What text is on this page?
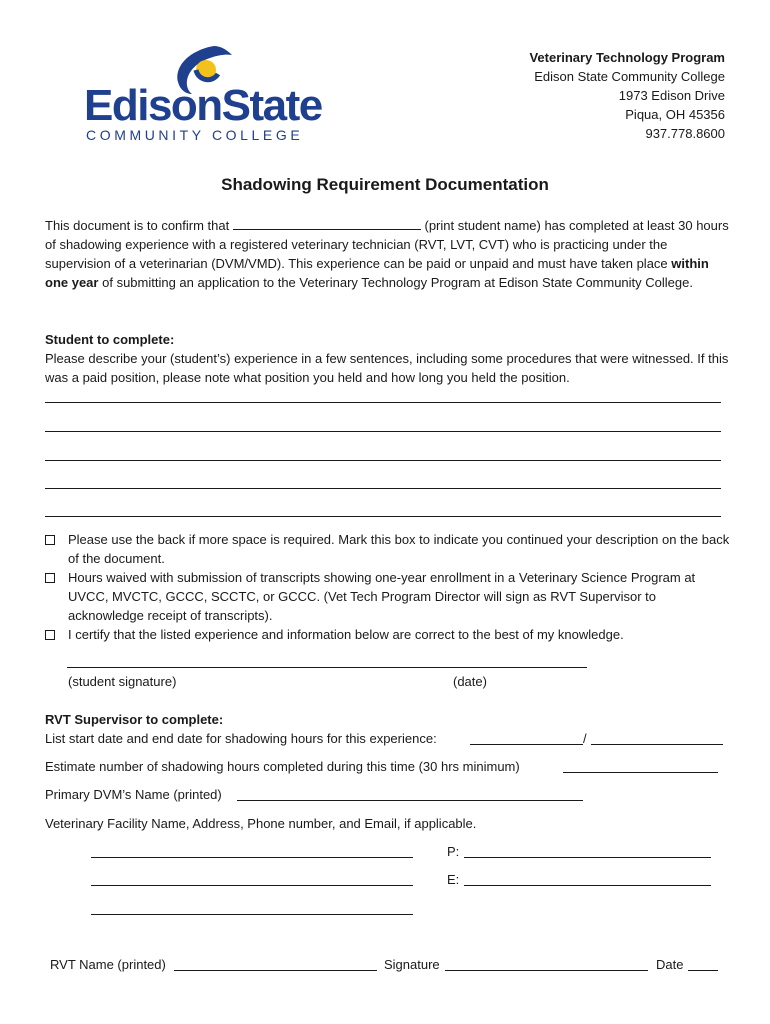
EdisonState
COMMUNITY COLLEGE
Veterinary Technology Program
Edison State Community College
1973 Edison Drive
Piqua, OH 45356
937.778.8600
Shadowing Requirement Documentation
This document is to confirm that	(print student name) has completed at least 30 hours of shadowing experience with a registered veterinary technician (RVT, LVT, CVT) who is practicing under the supervision of a veterinarian (DVM/VMD). This experience can be paid or unpaid and must have taken place within one year of submitting an application to the Veterinary Technology Program at Edison State Community College.
Student to complete:
Please describe your (student’s) experience in a few sentences, including some procedures that were witnessed. If this was a paid position, please note what position you held and how long you held the position.
Please use the back if more space is required. Mark this box to indicate you continued your description on the back of the document.
Hours waived with submission of transcripts showing one-year enrollment in a Veterinary Science Program at UVCC, MVCTC, GCCC, SCCTC, or GCCC. (Vet Tech Program Director will sign as RVT Supervisor to acknowledge receipt of transcripts).
I certify that the listed experience and information below are correct to the best of my knowledge.
(student signature)	(date)
RVT Supervisor to complete:
List start date and end date for shadowing hours for this experience:	/
Estimate number of shadowing hours completed during this time (30 hrs minimum)
Primary DVM’s Name (printed)
Veterinary Facility Name, Address, Phone number, and Email, if applicable.
P:
E:
RVT Name (printed)	Signature	Date
